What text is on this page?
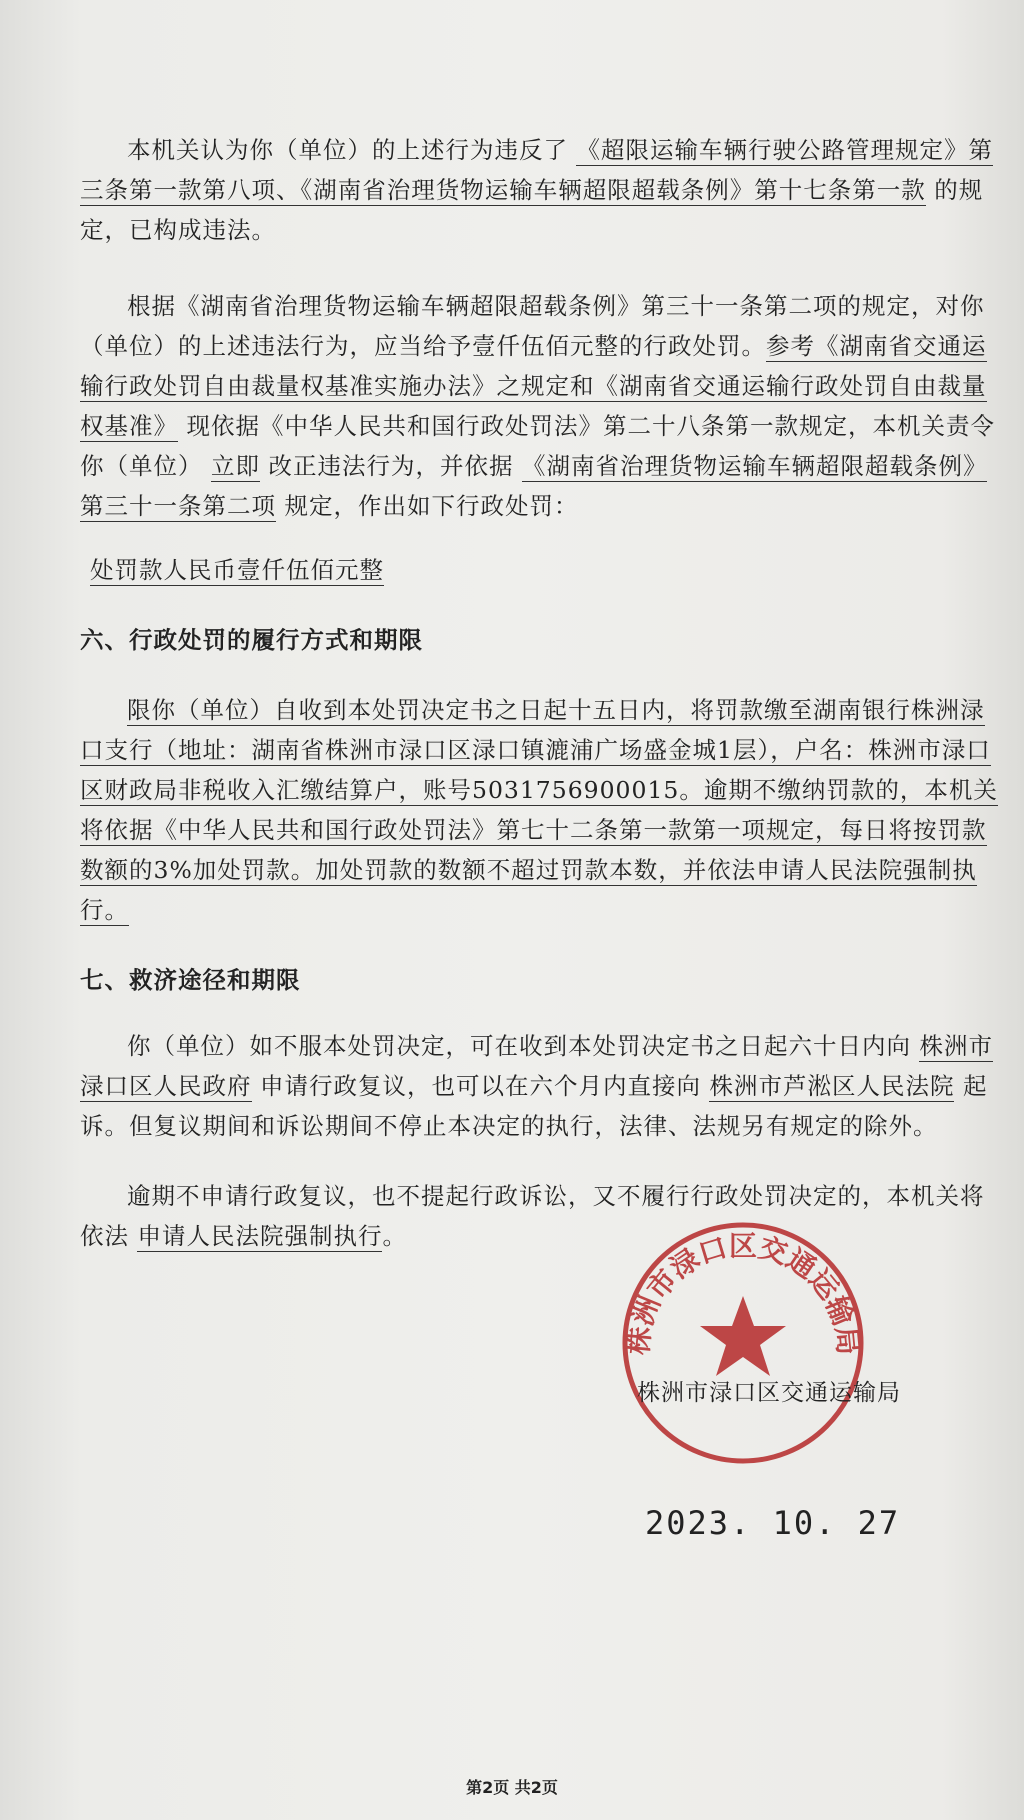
本机关认为你（单位）的上述行为违反了 《超限运输车辆行驶公路管理规定》第三条第一款第八项、《湖南省治理货物运输车辆超限超载条例》第十七条第一款 的规定，已构成违法。

根据《湖南省治理货物运输车辆超限超载条例》第三十一条第二项的规定，对你（单位）的上述违法行为，应当给予壹仟伍佰元整的行政处罚。参考《湖南省交通运输行政处罚自由裁量权基准实施办法》之规定和《湖南省交通运输行政处罚自由裁量权基准》 现依据《中华人民共和国行政处罚法》第二十八条第一款规定，本机关责令你（单位） 立即 改正违法行为，并依据 《湖南省治理货物运输车辆超限超载条例》第三十一条第二项 规定，作出如下行政处罚：

处罚款人民币壹仟伍佰元整

六、行政处罚的履行方式和期限

限你（单位）自收到本处罚决定书之日起十五日内，将罚款缴至湖南银行株洲渌口支行（地址：湖南省株洲市渌口区渌口镇漉浦广场盛金城1层），户名：株洲市渌口区财政局非税收入汇缴结算户，账号503175690001​5。逾期不缴纳罚款的，本机关将依据《中华人民共和国行政处罚法》第七十二条第一款第一项规定，每日将按罚款数额的3%加处罚款。加处罚款的数额不超过罚款本数，并依法申请人民法院强制执行。

七、救济途径和期限

你（单位）如不服本处罚决定，可在收到本处罚决定书之日起六十日内向 株洲市渌口区人民政府 申请行政复议，也可以在六个月内直接向 株洲市芦淞区人民法院 起诉。但复议期间和诉讼期间不停止本决定的执行，法律、法规另有规定的除外。

逾期不申请行政复议，也不提起行政诉讼，又不履行行政处罚决定的，本机关将依法 申请人民法院强制执行。

株洲市渌口区交通运输局
株洲市渌口区交通运输局
2023. 10. 27
第2页 共2页
